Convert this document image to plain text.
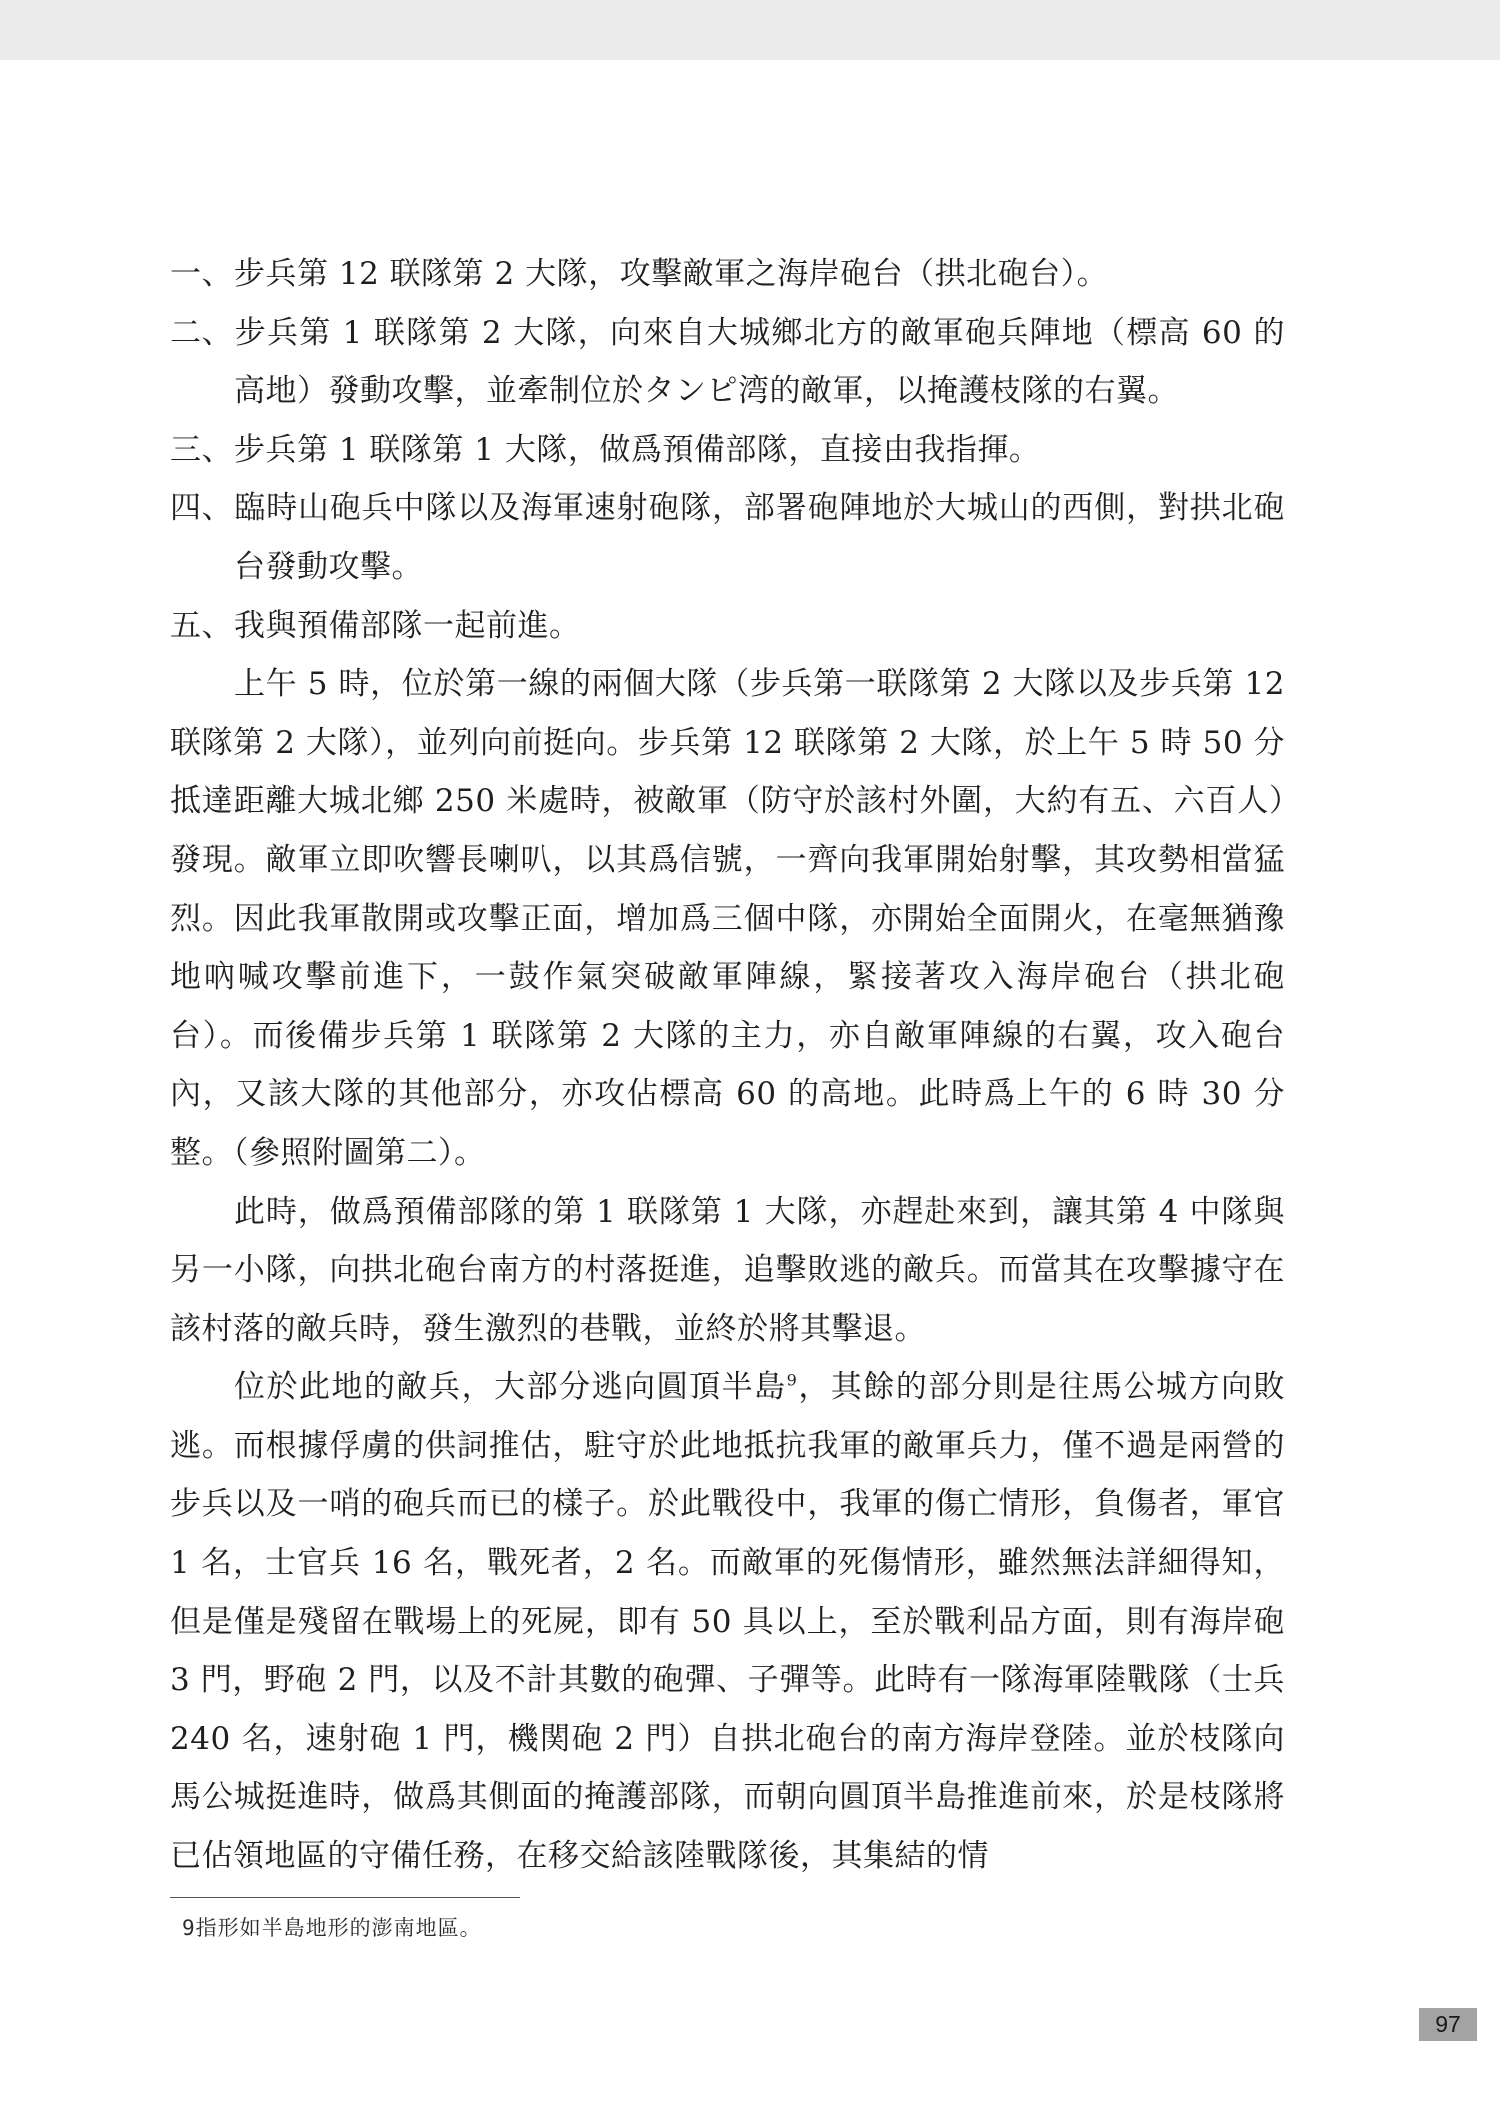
一、步兵第 12 联隊第 2 大隊，攻擊敵軍之海岸砲台（拱北砲台）。

二、步兵第 1 联隊第 2 大隊，向來自大城鄉北方的敵軍砲兵陣地（標高 60 的高地）發動攻擊，並牽制位於タンピ湾的敵軍，以掩護枝隊的右翼。

三、步兵第 1 联隊第 1 大隊，做爲預備部隊，直接由我指揮。

四、臨時山砲兵中隊以及海軍速射砲隊，部署砲陣地於大城山的西側，對拱北砲台發動攻擊。

五、我與預備部隊一起前進。

上午 5 時，位於第一線的兩個大隊（步兵第一联隊第 2 大隊以及步兵第 12 联隊第 2 大隊），並列向前挺向。步兵第 12 联隊第 2 大隊，於上午 5 時 50 分抵達距離大城北鄉 250 米處時，被敵軍（防守於該村外圍，大約有五、六百人）發現。敵軍立即吹響長喇叭，以其爲信號，一齊向我軍開始射擊，其攻勢相當猛烈。因此我軍散開或攻擊正面，增加爲三個中隊，亦開始全面開火，在毫無猶豫地吶喊攻擊前進下，一鼓作氣突破敵軍陣線，緊接著攻入海岸砲台（拱北砲台）。而後備步兵第 1 联隊第 2 大隊的主力，亦自敵軍陣線的右翼，攻入砲台內，又該大隊的其他部分，亦攻佔標高 60 的高地。此時爲上午的 6 時 30 分整。（參照附圖第二）。

此時，做爲預備部隊的第 1 联隊第 1 大隊，亦趕赴來到，讓其第 4 中隊與另一小隊，向拱北砲台南方的村落挺進，追擊敗逃的敵兵。而當其在攻擊據守在該村落的敵兵時，發生激烈的巷戰，並終於將其擊退。

位於此地的敵兵，大部分逃向圓頂半島$^9$，其餘的部分則是往馬公城方向敗逃。而根據俘虜的供詞推估，駐守於此地抵抗我軍的敵軍兵力，僅不過是兩營的步兵以及一哨的砲兵而已的樣子。於此戰役中，我軍的傷亡情形，負傷者，軍官 1 名，士官兵 16 名，戰死者，2 名。而敵軍的死傷情形，雖然無法詳細得知，但是僅是殘留在戰場上的死屍，即有 50 具以上，至於戰利品方面，則有海岸砲 3 門，野砲 2 門，以及不計其數的砲彈、子彈等。此時有一隊海軍陸戰隊（士兵 240 名，速射砲 1 門，機関砲 2 門）自拱北砲台的南方海岸登陸。並於枝隊向馬公城挺進時，做爲其側面的掩護部隊，而朝向圓頂半島推進前來，於是枝隊將已佔領地區的守備任務，在移交給該陸戰隊後，其集結的情

9指形如半島地形的澎南地區。
97
